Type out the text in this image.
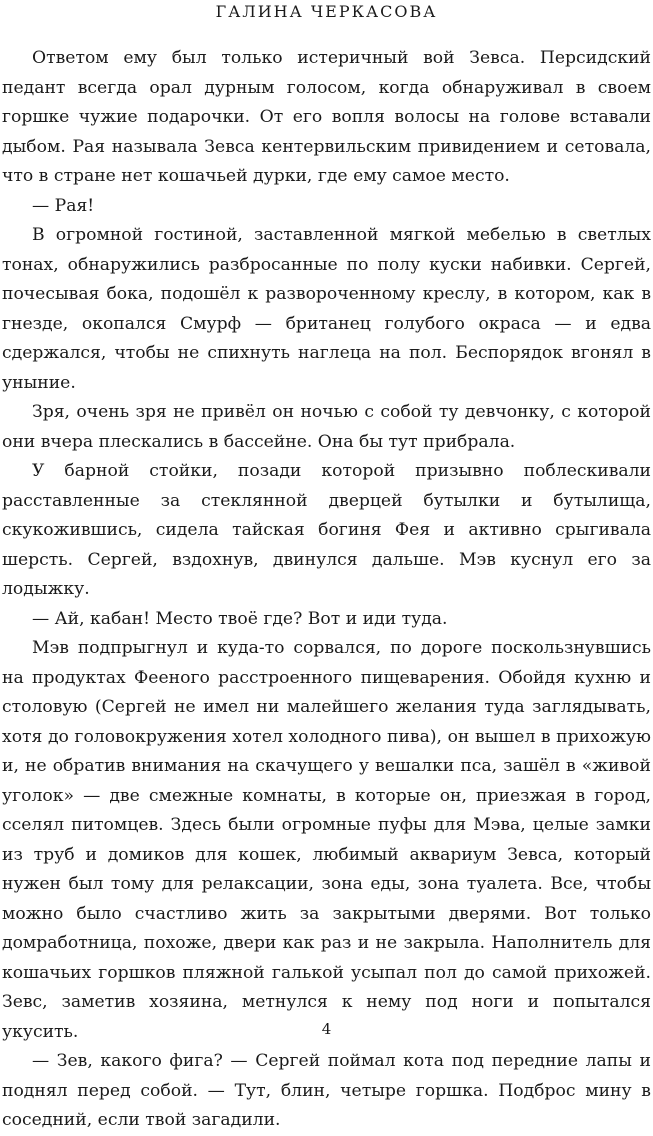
ГАЛИНА ЧЕРКАСОВА

Ответом ему был только истеричный вой Зевса. Персидский педант всегда орал дурным голосом, когда обнаруживал в своем горшке чужие подарочки. От его вопля волосы на голове вставали дыбом. Рая называла Зевса кентервильским привидением и сетовала, что в стране нет кошачьей дурки, где ему самое место.

— Рая!

В огромной гостиной, заставленной мягкой мебелью в светлых тонах, обнаружились разбросанные по полу куски набивки. Сергей, почесывая бока, подошёл к развороченному креслу, в котором, как в гнезде, окопался Смурф — британец голубого окраса — и едва сдержался, чтобы не спихнуть наглеца на пол. Беспорядок вгонял в уныние.

Зря, очень зря не привёл он ночью с собой ту девчонку, с которой они вчера плескались в бассейне. Она бы тут прибрала.

У барной стойки, позади которой призывно поблескивали расставленные за стеклянной дверцей бутылки и бутылища, скукожившись, сидела тайская богиня Фея и активно срыгивала шерсть. Сергей, вздохнув, двинулся дальше. Мэв куснул его за лодыжку.

— Ай, кабан! Место твоё где? Вот и иди туда.

Мэв подпрыгнул и куда-то сорвался, по дороге поскользнувшись на продуктах Фееного расстроенного пищеварения. Обойдя кухню и столовую (Сергей не имел ни малейшего желания туда заглядывать, хотя до головокружения хотел холодного пива), он вышел в прихожую и, не обратив внимания на скачущего у вешалки пса, зашёл в «живой уголок» — две смежные комнаты, в которые он, приезжая в город, сселял питомцев. Здесь были огромные пуфы для Мэва, целые замки из труб и домиков для кошек, любимый аквариум Зевса, который нужен был тому для релаксации, зона еды, зона туалета. Все, чтобы можно было счастливо жить за закрытыми дверями. Вот только домработница, похоже, двери как раз и не закрыла. Наполнитель для кошачьих горшков пляжной галькой усыпал пол до самой прихожей. Зевс, заметив хозяина, метнулся к нему под ноги и попытался укусить.

— Зев, какого фига? — Сергей поймал кота под передние лапы и поднял перед собой. — Тут, блин, четыре горшка. Подброс мину в соседний, если твой загадили.

4
